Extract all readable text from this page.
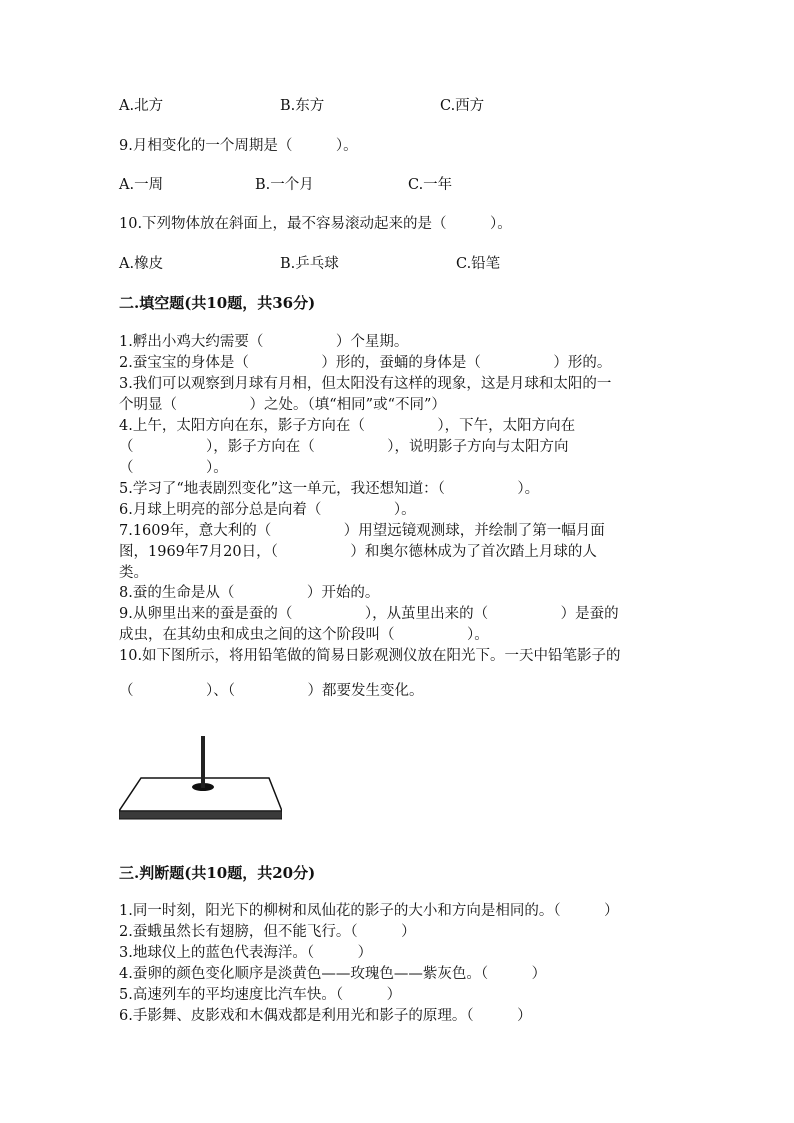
A.北方	B.东方	C.西方
9.月相变化的一个周期是（　　　）。
A.一周	B.一个月	C.一年
10.下列物体放在斜面上，最不容易滚动起来的是（　　　）。
A.橡皮	B.乒乓球	C.铅笔
二.填空题(共10题，共36分)
1.孵出小鸡大约需要（　　　　　）个星期。
2.蚕宝宝的身体是（　　　　　）形的，蚕蛹的身体是（　　　　　）形的。
3.我们可以观察到月球有月相，但太阳没有这样的现象，这是月球和太阳的一
个明显（　　　　　）之处。（填“相同”或“不同”）
4.上午，太阳方向在东，影子方向在（　　　　　），下午，太阳方向在
（　　　　　），影子方向在（　　　　　），说明影子方向与太阳方向
（　　　　　）。
5.学习了“地表剧烈变化”这一单元，我还想知道：（　　　　　）。
6.月球上明亮的部分总是向着（　　　　　）。
7.1609年，意大利的（　　　　　）用望远镜观测球，并绘制了第一幅月面
图，1969年7月20日，（　　　　　）和奥尔德林成为了首次踏上月球的人
类。
8.蚕的生命是从（　　　　　）开始的。
9.从卵里出来的蚕是蚕的（　　　　　），从茧里出来的（　　　　　）是蚕的
成虫，在其幼虫和成虫之间的这个阶段叫（　　　　　）。
10.如下图所示，将用铅笔做的简易日影观测仪放在阳光下。一天中铅笔影子的
（　　　　　）、（　　　　　）都要发生变化。
三.判断题(共10题，共20分)
1.同一时刻，阳光下的柳树和凤仙花的影子的大小和方向是相同的。（　　　）
2.蚕蛾虽然长有翅膀，但不能飞行。（　　　）
3.地球仪上的蓝色代表海洋。（　　　）
4.蚕卵的颜色变化顺序是淡黄色——玫瑰色——紫灰色。（　　　）
5.高速列车的平均速度比汽车快。（　　　）
6.手影舞、皮影戏和木偶戏都是利用光和影子的原理。（　　　）
